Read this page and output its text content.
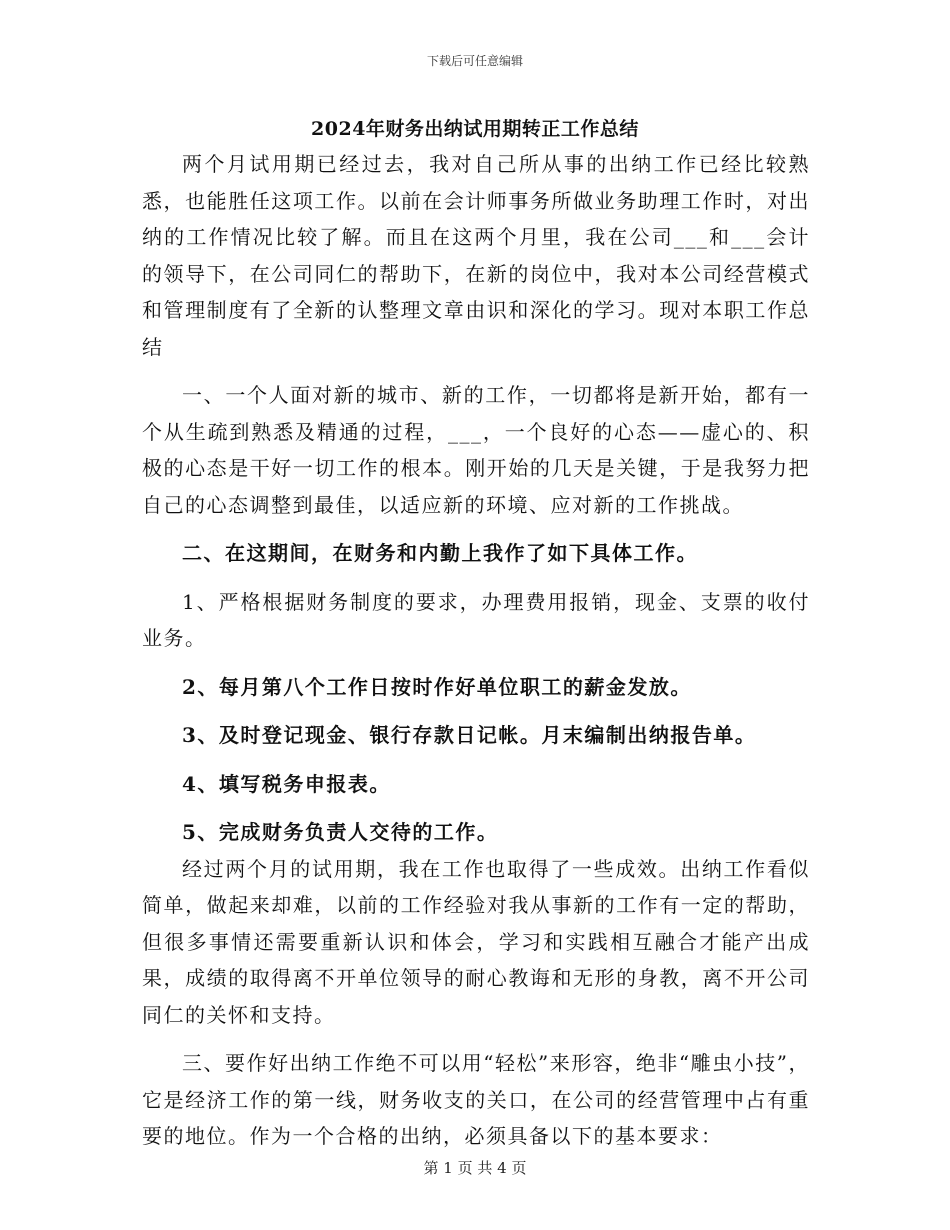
下载后可任意编辑
2024年财务出纳试用期转正工作总结

两个月试用期已经过去，我对自己所从事的出纳工作已经比较熟悉，也能胜任这项工作。以前在会计师事务所做业务助理工作时，对出纳的工作情况比较了解。而且在这两个月里，我在公司___和___会计的领导下，在公司同仁的帮助下，在新的岗位中，我对本公司经营模式和管理制度有了全新的认整理文章由识和深化的学习。现对本职工作总结

一、一个人面对新的城市、新的工作，一切都将是新开始，都有一个从生疏到熟悉及精通的过程，___，一个良好的心态——虚心的、积极的心态是干好一切工作的根本。刚开始的几天是关键，于是我努力把自己的心态调整到最佳，以适应新的环境、应对新的工作挑战。

二、在这期间，在财务和内勤上我作了如下具体工作。

1、严格根据财务制度的要求，办理费用报销，现金、支票的收付业务。

2、每月第八个工作日按时作好单位职工的薪金发放。

3、及时登记现金、银行存款日记帐。月末编制出纳报告单。

4、填写税务申报表。

5、完成财务负责人交待的工作。

经过两个月的试用期，我在工作也取得了一些成效。出纳工作看似简单，做起来却难，以前的工作经验对我从事新的工作有一定的帮助，但很多事情还需要重新认识和体会，学习和实践相互融合才能产出成果，成绩的取得离不开单位领导的耐心教诲和无形的身教，离不开公司同仁的关怀和支持。

三、要作好出纳工作绝不可以用“轻松”来形容，绝非“雕虫小技”，它是经济工作的第一线，财务收支的关口，在公司的经营管理中占有重要的地位。作为一个合格的出纳，必须具备以下的基本要求：

第 1 页 共 4 页
